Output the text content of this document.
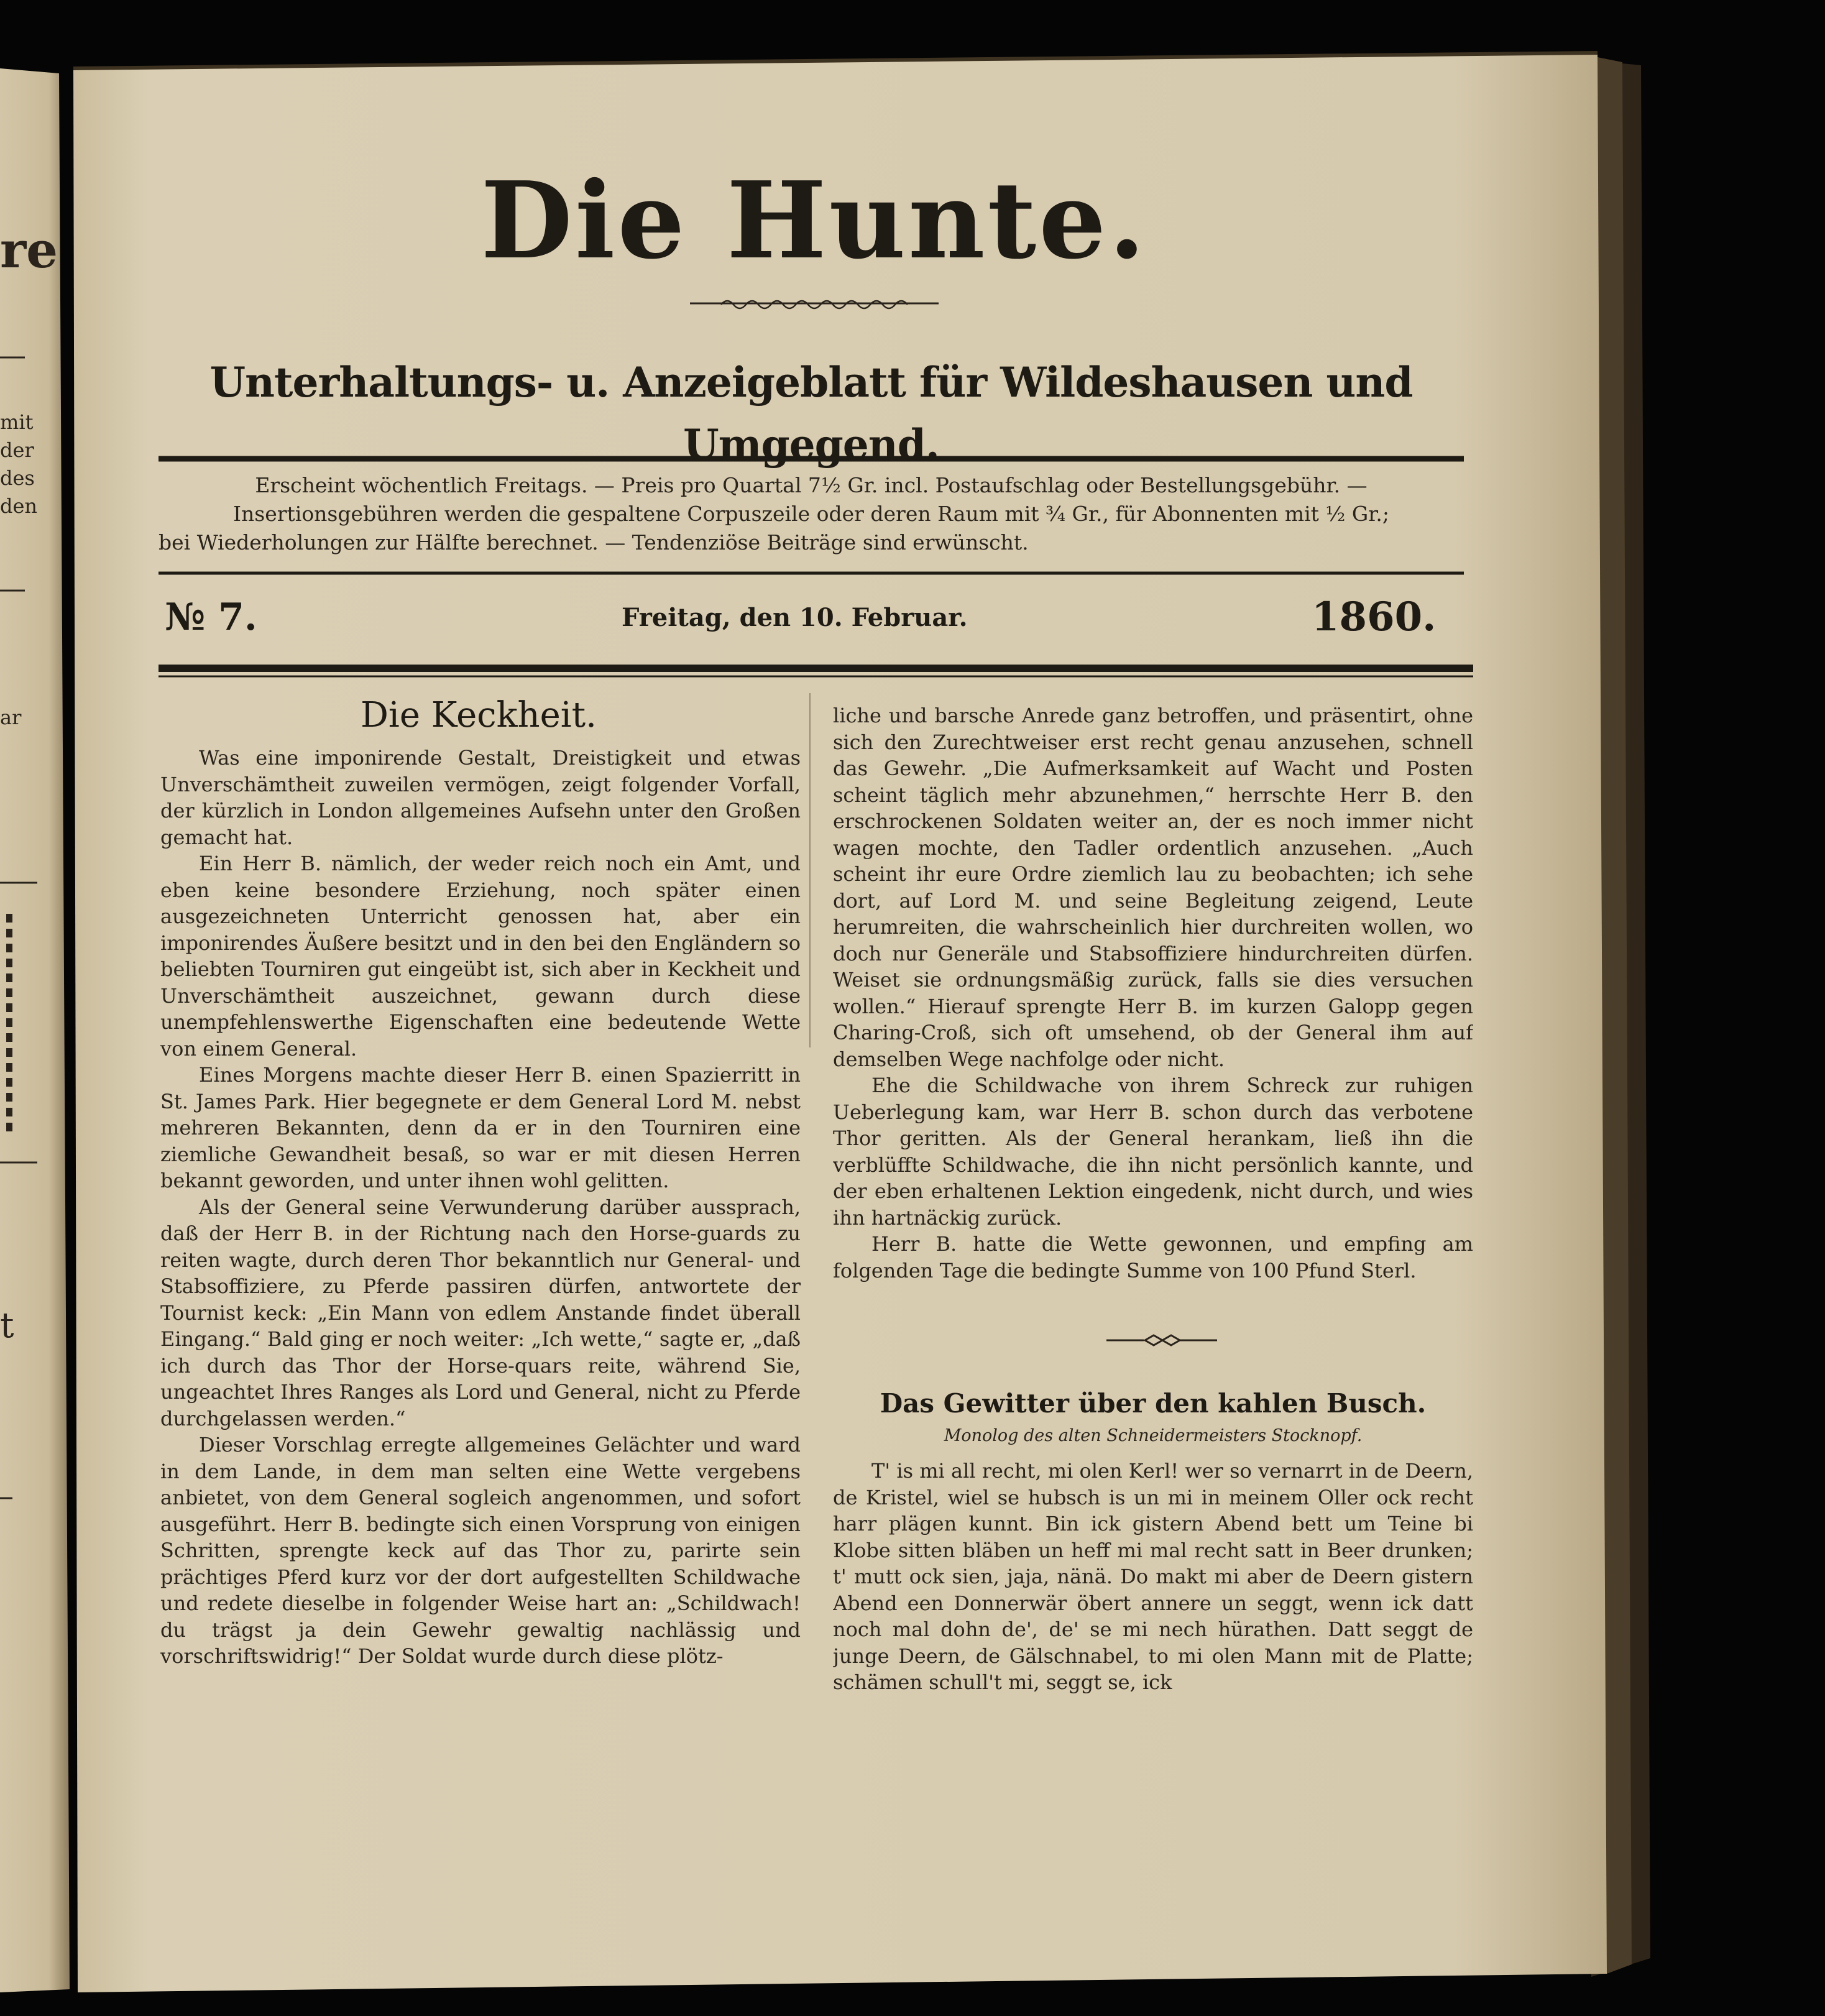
re
mit
der
des
den
ar
t
Die Hunte.
Unterhaltungs- u. Anzeigeblatt für Wildeshausen und Umgegend.
Erscheint wöchentlich Freitags. — Preis pro Quartal 7½ Gr. incl. Postaufschlag oder Bestellungsgebühr. —
Insertionsgebühren werden die gespaltene Corpuszeile oder deren Raum mit ¾ Gr., für Abonnenten mit ½ Gr.;
bei Wiederholungen zur Hälfte berechnet. — Tendenziöse Beiträge sind erwünscht.
№ 7.	Freitag, den 10. Februar.	1860.
Die Keckheit.

Was eine imponirende Gestalt, Dreistigkeit und etwas Unverschämtheit zuweilen vermögen, zeigt folgender Vorfall, der kürzlich in London allgemeines Aufsehn unter den Großen gemacht hat.

Ein Herr B. nämlich, der weder reich noch ein Amt, und eben keine besondere Erziehung, noch später einen ausgezeichneten Unterricht genossen hat, aber ein imponirendes Äußere besitzt und in den bei den Engländern so beliebten Tourniren gut eingeübt ist, sich aber in Keckheit und Unverschämtheit auszeichnet, gewann durch diese unempfehlenswerthe Eigenschaften eine bedeutende Wette von einem General.

Eines Morgens machte dieser Herr B. einen Spazierritt in St. James Park. Hier begegnete er dem General Lord M. nebst mehreren Bekannten, denn da er in den Tourniren eine ziemliche Gewandheit besaß, so war er mit diesen Herren bekannt geworden, und unter ihnen wohl gelitten.

Als der General seine Verwunderung darüber aussprach, daß der Herr B. in der Richtung nach den Horse-guards zu reiten wagte, durch deren Thor bekanntlich nur General- und Stabsoffiziere, zu Pferde passiren dürfen, antwortete der Tournist keck: „Ein Mann von edlem Anstande findet überall Eingang.“ Bald ging er noch weiter: „Ich wette,“ sagte er, „daß ich durch das Thor der Horse-quars reite, während Sie, ungeachtet Ihres Ranges als Lord und General, nicht zu Pferde durchgelassen werden.“

Dieser Vorschlag erregte allgemeines Gelächter und ward in dem Lande, in dem man selten eine Wette vergebens anbietet, von dem General sogleich angenommen, und sofort ausgeführt. Herr B. bedingte sich einen Vorsprung von einigen Schritten, sprengte keck auf das Thor zu, parirte sein prächtiges Pferd kurz vor der dort aufgestellten Schildwache und redete dieselbe in folgender Weise hart an: „Schildwach! du trägst ja dein Gewehr gewaltig nachlässig und vorschriftswidrig!“ Der Soldat wurde durch diese plötz-

liche und barsche Anrede ganz betroffen, und präsentirt, ohne sich den Zurechtweiser erst recht genau anzusehen, schnell das Gewehr. „Die Aufmerksamkeit auf Wacht und Posten scheint täglich mehr abzunehmen,“ herrschte Herr B. den erschrockenen Soldaten weiter an, der es noch immer nicht wagen mochte, den Tadler ordentlich anzusehen. „Auch scheint ihr eure Ordre ziemlich lau zu beobachten; ich sehe dort, auf Lord M. und seine Begleitung zeigend, Leute herumreiten, die wahrscheinlich hier durchreiten wollen, wo doch nur Generäle und Stabsoffiziere hindurchreiten dürfen. Weiset sie ordnungsmäßig zurück, falls sie dies versuchen wollen.“ Hierauf sprengte Herr B. im kurzen Galopp gegen Charing-Croß, sich oft umsehend, ob der General ihm auf demselben Wege nachfolge oder nicht.

Ehe die Schildwache von ihrem Schreck zur ruhigen Ueberlegung kam, war Herr B. schon durch das verbotene Thor geritten. Als der General herankam, ließ ihn die verblüffte Schildwache, die ihn nicht persönlich kannte, und der eben erhaltenen Lektion eingedenk, nicht durch, und wies ihn hartnäckig zurück.

Herr B. hatte die Wette gewonnen, und empfing am folgenden Tage die bedingte Summe von 100 Pfund Sterl.

Das Gewitter über den kahlen Busch.
Monolog des alten Schneidermeisters Stocknopf.

T' is mi all recht, mi olen Kerl! wer so vernarrt in de Deern, de Kristel, wiel se hubsch is un mi in meinem Oller ock recht harr plägen kunnt. Bin ick gistern Abend bett um Teine bi Klobe sitten bläben un heff mi mal recht satt in Beer drunken; t' mutt ock sien, jaja, nänä. Do makt mi aber de Deern gistern Abend een Donnerwär öbert annere un seggt, wenn ick datt noch mal dohn de', de' se mi nech hürathen. Datt seggt de junge Deern, de Gälschnabel, to mi olen Mann mit de Platte; schämen schull't mi, seggt se, ick
